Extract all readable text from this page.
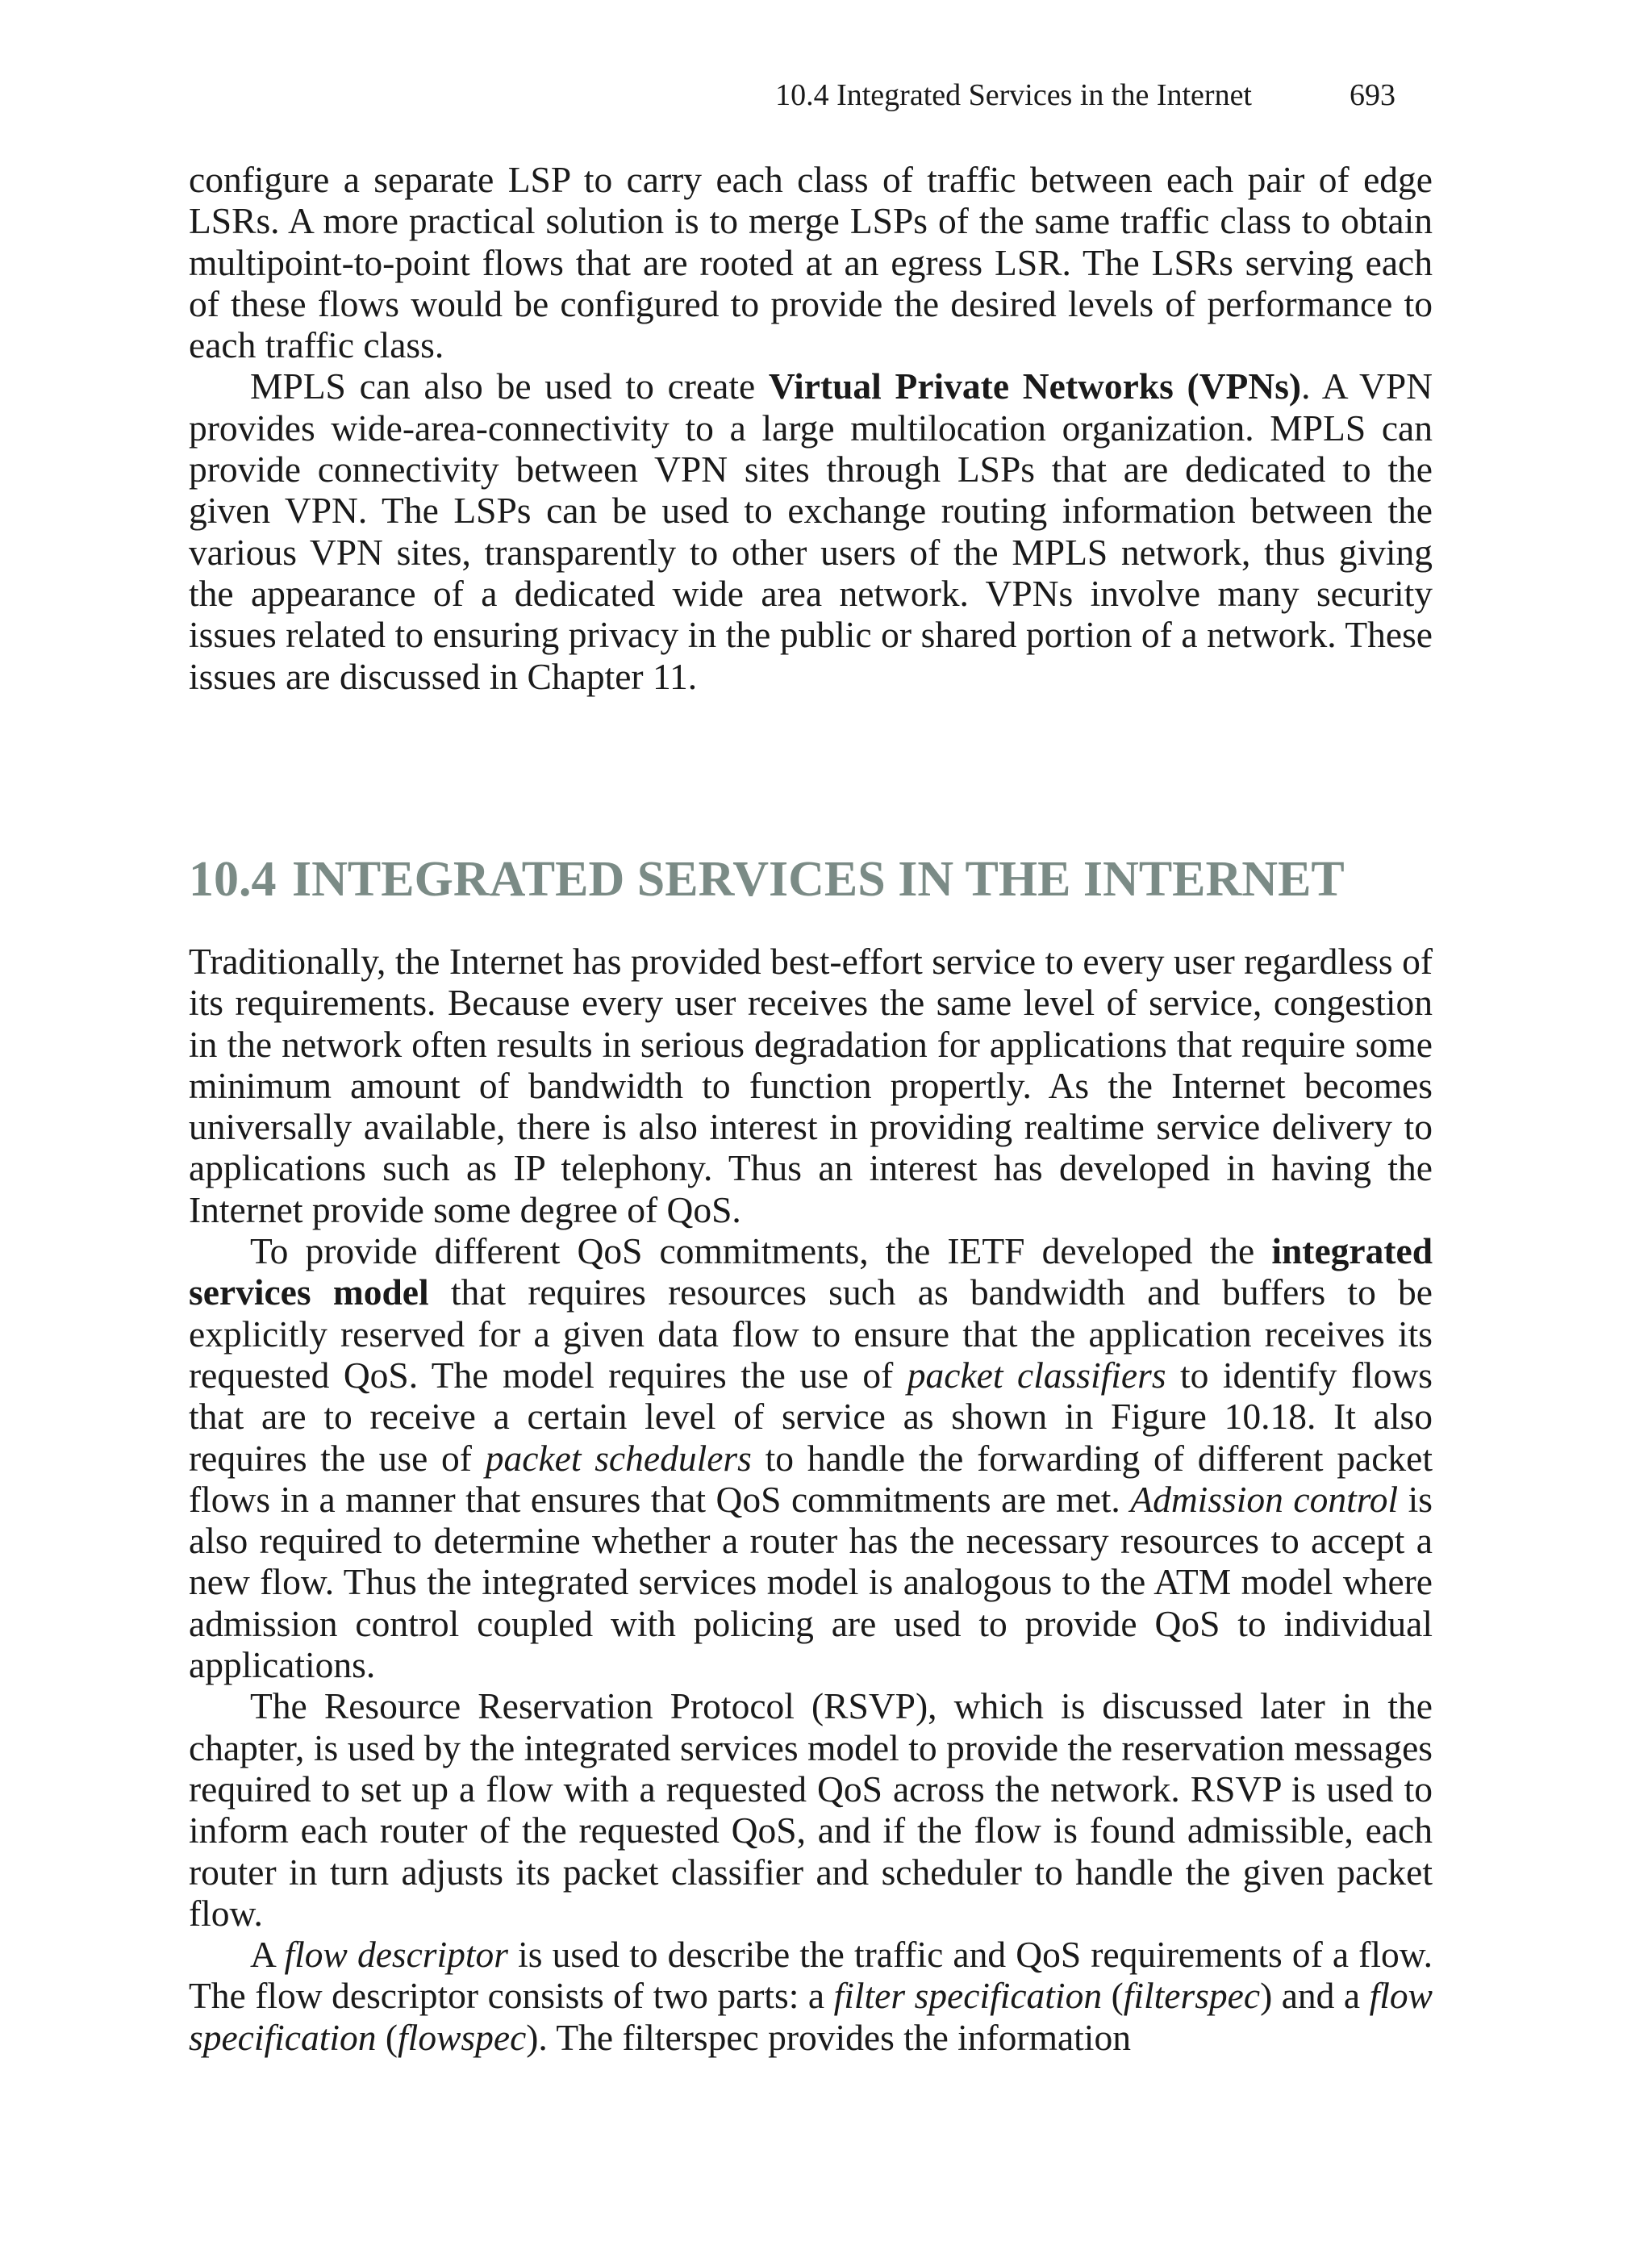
10.4 Integrated Services in the Internet	693

configure a separate LSP to carry each class of traffic between each pair of edge LSRs. A more practical solution is to merge LSPs of the same traffic class to obtain multipoint-to-point flows that are rooted at an egress LSR. The LSRs serving each of these flows would be configured to provide the desired levels of performance to each traffic class.

MPLS can also be used to create Virtual Private Networks (VPNs). A VPN provides wide-area-connectivity to a large multilocation organization. MPLS can provide connectivity between VPN sites through LSPs that are dedicated to the given VPN. The LSPs can be used to exchange routing information between the various VPN sites, transparently to other users of the MPLS network, thus giving the appearance of a dedicated wide area network. VPNs involve many security issues related to ensuring privacy in the public or shared portion of a network. These issues are discussed in Chapter 11.

10.4 INTEGRATED SERVICES IN THE INTERNET

Traditionally, the Internet has provided best-effort service to every user regardless of its requirements. Because every user receives the same level of service, congestion in the network often results in serious degradation for applications that require some minimum amount of bandwidth to function propertly. As the Internet becomes universally available, there is also interest in providing realtime service delivery to applications such as IP telephony. Thus an interest has developed in having the Internet provide some degree of QoS.

To provide different QoS commitments, the IETF developed the integrated services model that requires resources such as bandwidth and buffers to be explicitly reserved for a given data flow to ensure that the application receives its requested QoS. The model requires the use of packet classifiers to identify flows that are to receive a certain level of service as shown in Figure 10.18. It also requires the use of packet schedulers to handle the forwarding of different packet flows in a manner that ensures that QoS commitments are met. Admission control is also required to determine whether a router has the necessary resources to accept a new flow. Thus the integrated services model is analogous to the ATM model where admission control coupled with policing are used to provide QoS to individual applications.

The Resource Reservation Protocol (RSVP), which is discussed later in the chapter, is used by the integrated services model to provide the reservation messages required to set up a flow with a requested QoS across the network. RSVP is used to inform each router of the requested QoS, and if the flow is found admissible, each router in turn adjusts its packet classifier and scheduler to handle the given packet flow.

A flow descriptor is used to describe the traffic and QoS requirements of a flow. The flow descriptor consists of two parts: a filter specification (filterspec) and a flow specification (flowspec). The filterspec provides the information
